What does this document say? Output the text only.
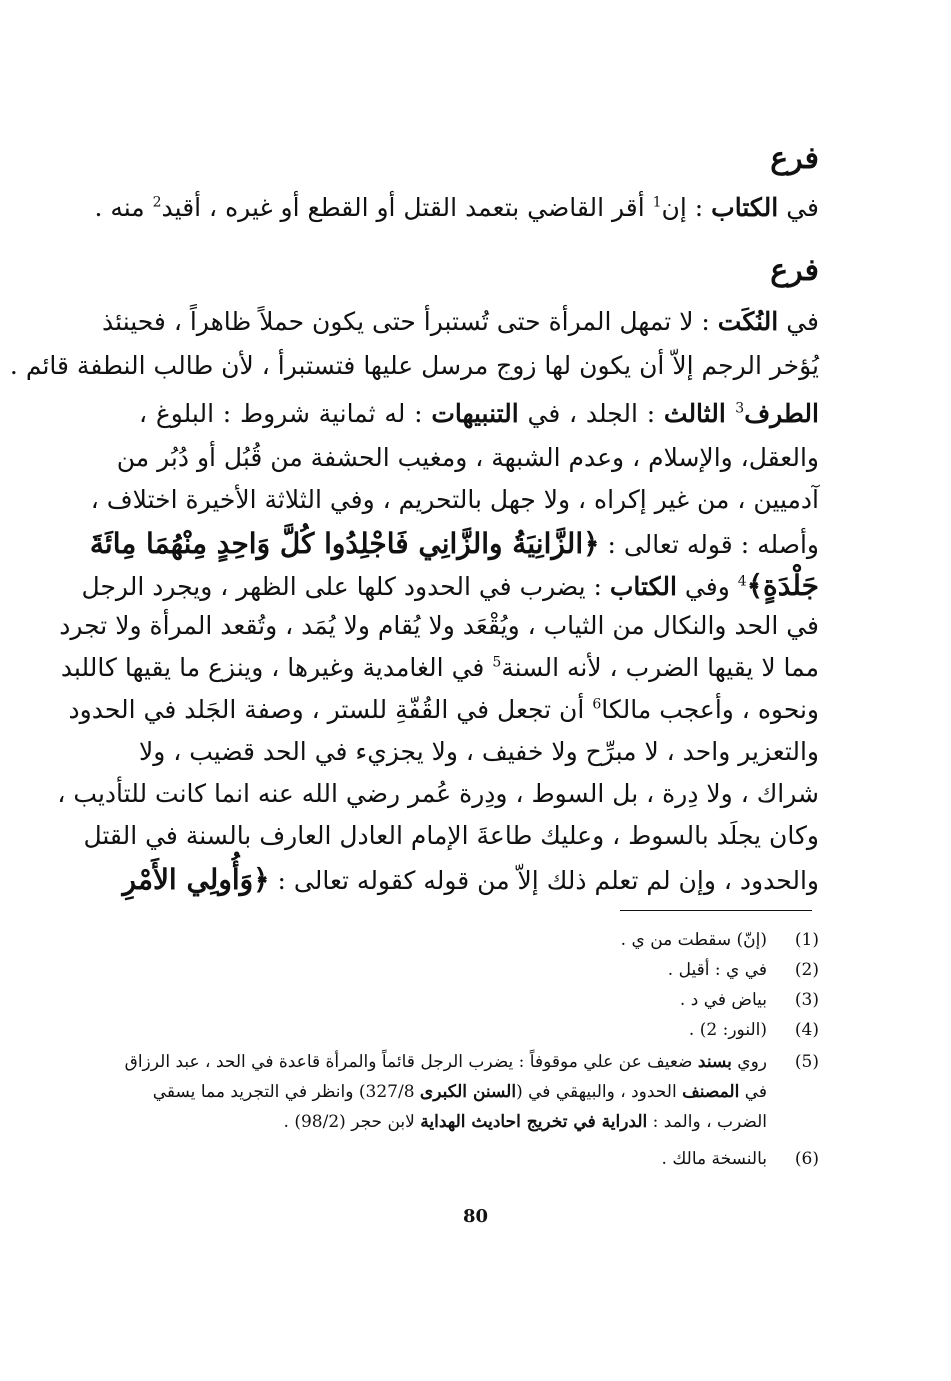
فرع
في الكتاب : إن$^1$ أقر القاضي بتعمد القتل أو القطع أو غيره ، أقيد$^2$ منه .
فرع
في النُكَت : لا تمهل المرأة حتى تُستبرأ حتى يكون حملاً ظاهراً ، فحينئذ
يُؤخر الرجم إلاّ أن يكون لها زوج مرسل عليها فتستبرأ ، لأن طالب النطفة قائم .
الطرف$^3$ الثالث : الجلد ، في التنبيهات : له ثمانية شروط : البلوغ ،
والعقل، والإسلام ، وعدم الشبهة ، ومغيب الحشفة من قُبُل أو دُبُر من
آدميين ، من غير إكراه ، ولا جهل بالتحريم ، وفي الثلاثة الأخيرة اختلاف ،
وأصله : قوله تعالى : ﴿الزَّانِيَةُ والزَّانِي فَاجْلِدُوا كُلَّ وَاحِدٍ مِنْهُمَا مِائَةَ
جَلْدَةٍ﴾$^4$ وفي الكتاب : يضرب في الحدود كلها على الظهر ، ويجرد الرجل
في الحد والنكال من الثياب ، ويُقْعَد ولا يُقام ولا يُمَد ، وتُقعد المرأة ولا تجرد
مما لا يقيها الضرب ، لأنه السنة$^5$ في الغامدية وغيرها ، وينزع ما يقيها كاللبد
ونحوه ، وأعجب مالكا$^6$ أن تجعل في القُفّةِ للستر ، وصفة الجَلد في الحدود
والتعزير واحد ، لا مبرِّح ولا خفيف ، ولا يجزيء في الحد قضيب ، ولا
شراك ، ولا دِرة ، بل السوط ، ودِرة عُمر رضي الله عنه انما كانت للتأديب ،
وكان يجلَد بالسوط ، وعليك طاعةَ الإمام العادل العارف بالسنة في القتل
والحدود ، وإن لم تعلم ذلك إلاّ من قوله كقوله تعالى : ﴿وَأُولِي الأَمْرِ
(1)
(إنّ) سقطت من ي .
(2)
في ي : أقيل .
(3)
بياض في د .
(4)
(النور: 2) .
(5)
روي بسند ضعيف عن علي موقوفاً : يضرب الرجل قائماً والمرأة قاعدة في الحد ، عبد الرزاق
في المصنف الحدود ، والبيهقي في (السنن الكبرى 327/8) وانظر في التجريد مما يسقي
الضرب ، والمد : الدراية في تخريج احاديث الهداية لابن حجر (98/2) .
(6)
بالنسخة مالك .
80
